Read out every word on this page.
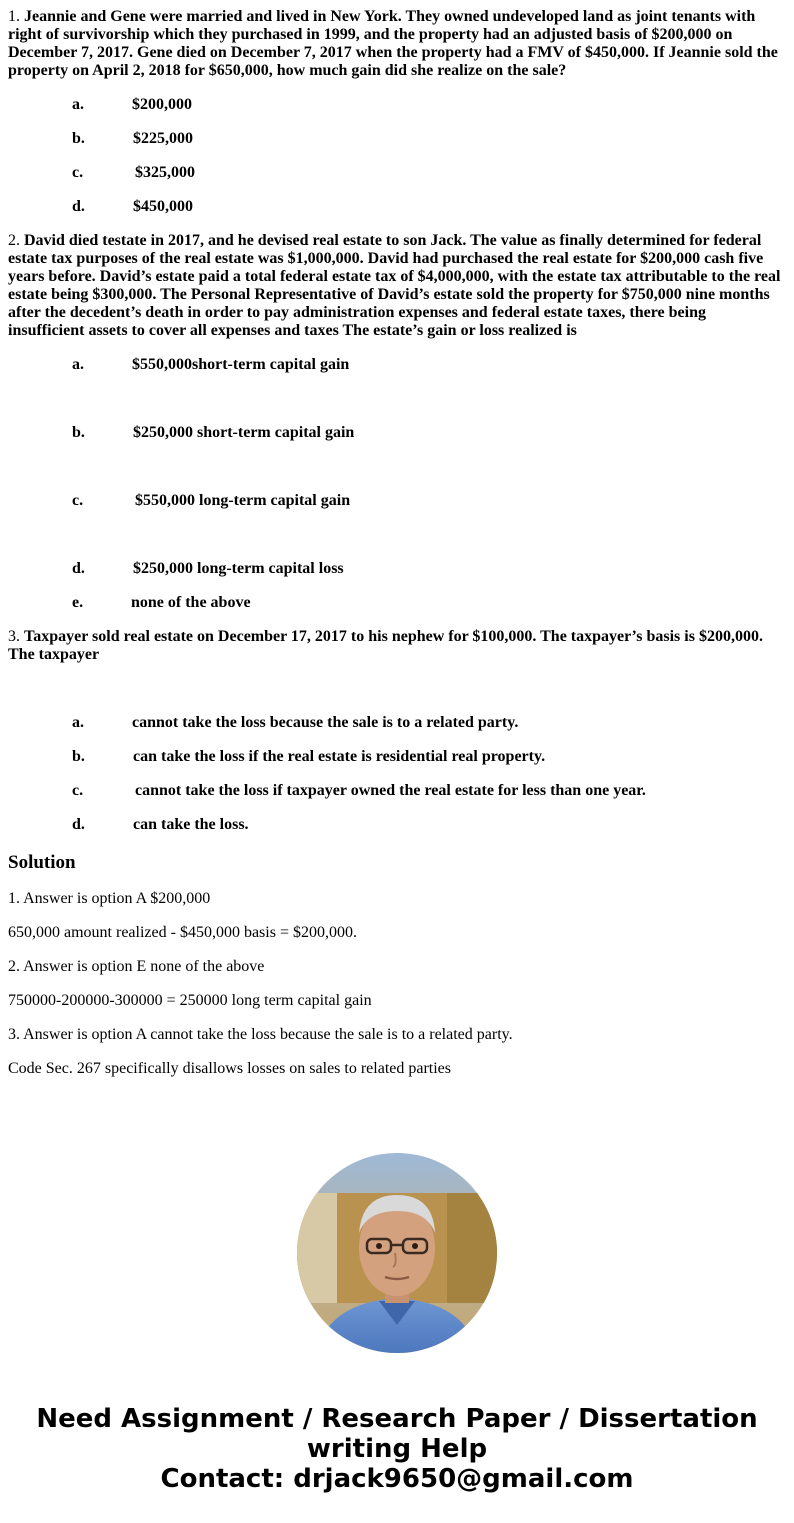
1. Jeannie and Gene were married and lived in New York. They owned undeveloped land as joint tenants with right of survivorship which they purchased in 1999, and the property had an adjusted basis of $200,000 on December 7, 2017. Gene died on December 7, 2017 when the property had a FMV of $450,000. If Jeannie sold the property on April 2, 2018 for $650,000, how much gain did she realize on the sale?

a.	$200,000
b.	$225,000
c.	$325,000
d.	$450,000

2. David died testate in 2017, and he devised real estate to son Jack. The value as finally determined for federal estate tax purposes of the real estate was $1,000,000. David had purchased the real estate for $200,000 cash five years before. David’s estate paid a total federal estate tax of $4,000,000, with the estate tax attributable to the real estate being $300,000. The Personal Representative of David’s estate sold the property for $750,000 nine months after the decedent’s death in order to pay administration expenses and federal estate taxes, there being insufficient assets to cover all expenses and taxes The estate’s gain or loss realized is

a.	$550,000short-term capital gain
b.	$250,000 short-term capital gain
c.	$550,000 long-term capital gain
d.	$250,000 long-term capital loss
e.	none of the above

3. Taxpayer sold real estate on December 17, 2017 to his nephew for $100,000. The taxpayer’s basis is $200,000. The taxpayer

a.	cannot take the loss because the sale is to a related party.
b.	can take the loss if the real estate is residential real property.
c.	cannot take the loss if taxpayer owned the real estate for less than one year.
d.	can take the loss.
Solution

1. Answer is option A $200,000

650,000 amount realized - $450,000 basis = $200,000.

2. Answer is option E none of the above

750000-200000-300000 = 250000 long term capital gain

3. Answer is option A cannot take the loss because the sale is to a related party.

Code Sec. 267 specifically disallows losses on sales to related parties

Need Assignment / Research Paper / Dissertation
writing Help
Contact: drjack9650@gmail.com
